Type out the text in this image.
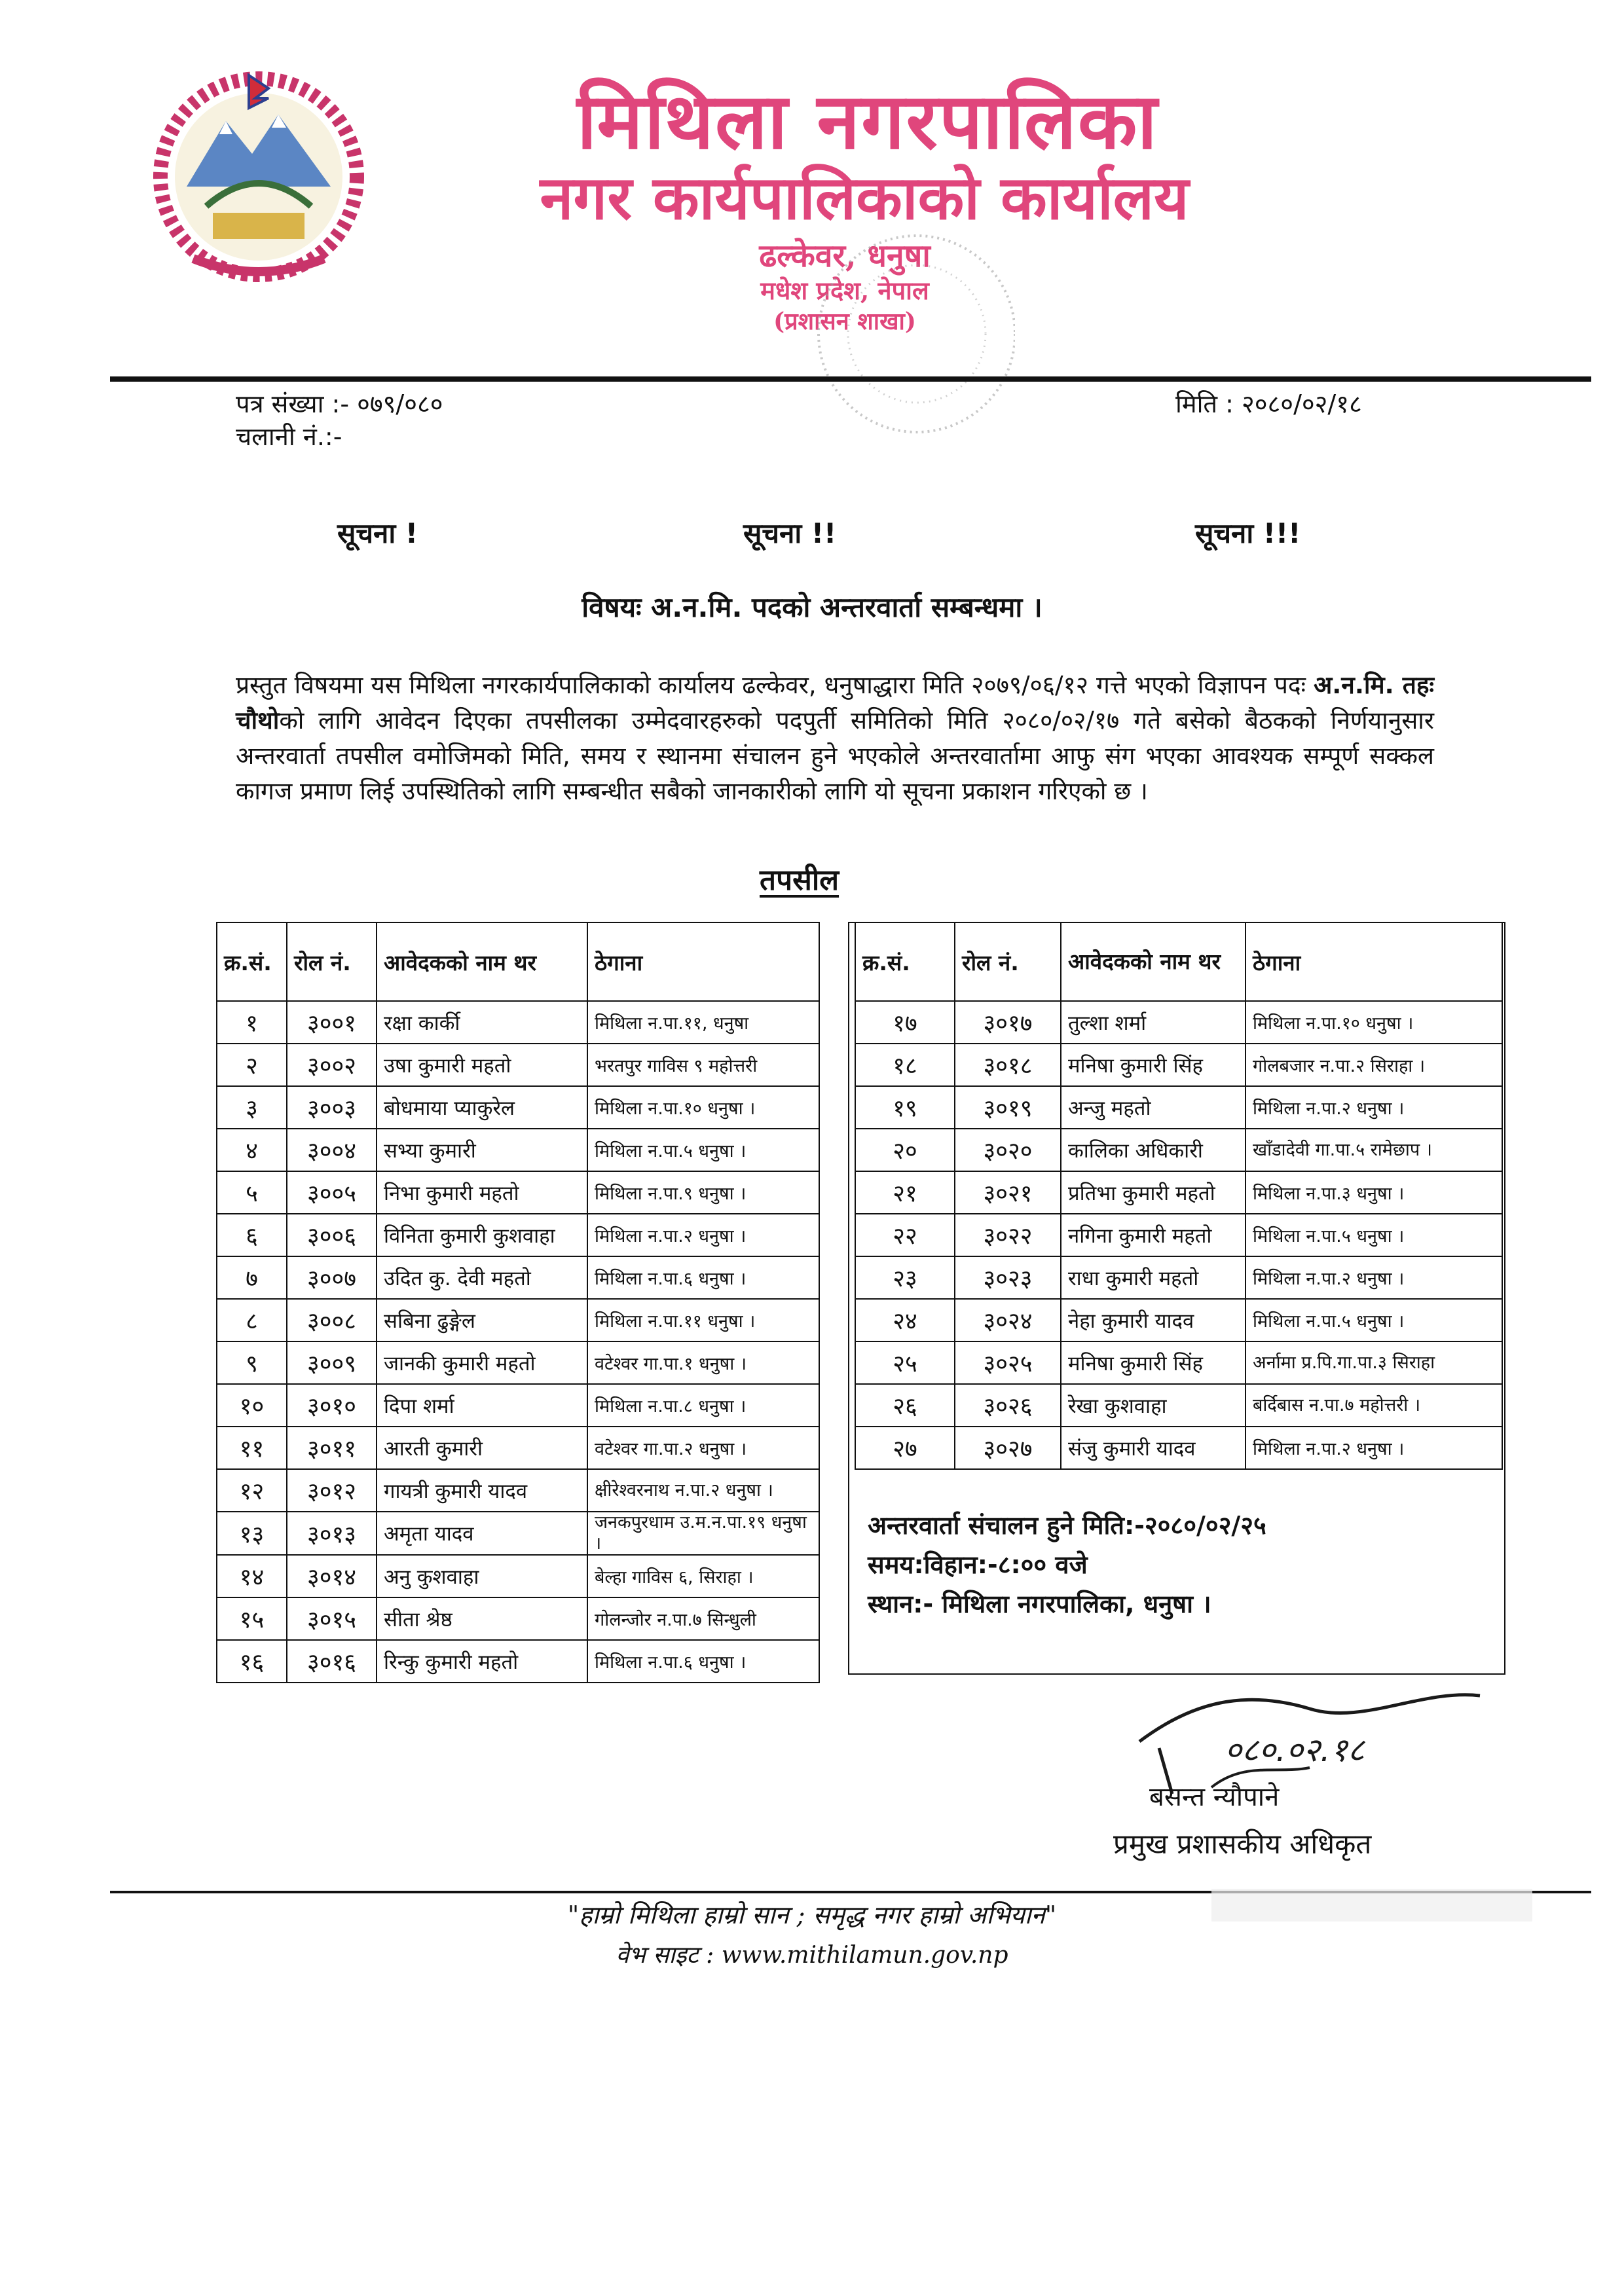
मिथिला नगरपालिका
नगर कार्यपालिकाको कार्यालय
ढल्केवर, धनुषा
मधेश प्रदेश, नेपाल
(प्रशासन शाखा)
पत्र संख्या :- ०७९/०८०
चलानी नं.:-
मिति : २०८०/०२/१८
सूचना !	सूचना !!	सूचना !!!
विषयः अ.न.मि. पदको अन्तरवार्ता सम्बन्धमा ।
प्रस्तुत विषयमा यस मिथिला नगरकार्यपालिकाको कार्यालय ढल्केवर, धनुषाद्धारा मिति २०७९/०६/१२ गत्ते भएको विज्ञापन पदः अ.न.मि. तहः चौथोको लागि आवेदन दिएका तपसीलका उम्मेदवारहरुको पदपुर्ती समितिको मिति २०८०/०२/१७ गते बसेको बैठकको निर्णयानुसार अन्तरवार्ता तपसील वमोजिमको मिति, समय र स्थानमा संचालन हुने भएकोले अन्तरवार्तामा आफु संग भएका आवश्यक सम्पूर्ण सक्कल कागज प्रमाण लिई उपस्थितिको लागि सम्बन्धीत सबैको जानकारीको लागि यो सूचना प्रकाशन गरिएको छ ।
तपसील
क्र.सं.	रोल नं.	आवेदकको नाम थर	ठेगाना
१	३००१	रक्षा कार्की	मिथिला न.पा.११, धनुषा
२	३००२	उषा कुमारी महतो	भरतपुर गाविस ९ महोत्तरी
३	३००३	बोधमाया प्याकुरेल	मिथिला न.पा.१० धनुषा ।
४	३००४	सभ्या कुमारी	मिथिला न.पा.५ धनुषा ।
५	३००५	निभा कुमारी महतो	मिथिला न.पा.९ धनुषा ।
६	३००६	विनिता कुमारी कुशवाहा	मिथिला न.पा.२ धनुषा ।
७	३००७	उदित कु. देवी महतो	मिथिला न.पा.६ धनुषा ।
८	३००८	सबिना ढुङ्गेल	मिथिला न.पा.११ धनुषा ।
९	३००९	जानकी कुमारी महतो	वटेश्वर गा.पा.१ धनुषा ।
१०	३०१०	दिपा शर्मा	मिथिला न.पा.८ धनुषा ।
११	३०११	आरती कुमारी	वटेश्वर गा.पा.२ धनुषा ।
१२	३०१२	गायत्री कुमारी यादव	क्षीरेश्वरनाथ न.पा.२ धनुषा ।
१३	३०१३	अमृता यादव	जनकपुरधाम उ.म.न.पा.१९ धनुषा ।
१४	३०१४	अनु कुशवाहा	बेल्हा गाविस ६, सिराहा ।
१५	३०१५	सीता श्रेष्ठ	गोलन्जोर न.पा.७ सिन्धुली
१६	३०१६	रिन्कु कुमारी महतो	मिथिला न.पा.६ धनुषा ।
क्र.सं.	रोल नं.	आवेदकको नाम थर	ठेगाना
१७	३०१७	तुल्शा शर्मा	मिथिला न.पा.१० धनुषा ।
१८	३०१८	मनिषा कुमारी सिंह	गोलबजार न.पा.२ सिराहा ।
१९	३०१९	अन्जु महतो	मिथिला न.पा.२ धनुषा ।
२०	३०२०	कालिका अधिकारी	खाँडादेवी गा.पा.५ रामेछाप ।
२१	३०२१	प्रतिभा कुमारी महतो	मिथिला न.पा.३ धनुषा ।
२२	३०२२	नगिना कुमारी महतो	मिथिला न.पा.५ धनुषा ।
२३	३०२३	राधा कुमारी महतो	मिथिला न.पा.२ धनुषा ।
२४	३०२४	नेहा कुमारी यादव	मिथिला न.पा.५ धनुषा ।
२५	३०२५	मनिषा कुमारी सिंह	अर्नामा प्र.पि.गा.पा.३ सिराहा
२६	३०२६	रेखा कुशवाहा	बर्दिबास न.पा.७ महोत्तरी ।
२७	३०२७	संजु कुमारी यादव	मिथिला न.पा.२ धनुषा ।
अन्तरवार्ता संचालन हुने मिति:-२०८०/०२/२५
समय:विहान:-८:०० वजे
स्थान:- मिथिला नगरपालिका, धनुषा ।
०८०.०२.१८
बसन्त न्यौपाने
प्रमुख प्रशासकीय अधिकृत
"हाम्रो मिथिला हाम्रो सान ; समृद्ध नगर हाम्रो अभियान"
वेभ साइट : www.mithilamun.gov.np
